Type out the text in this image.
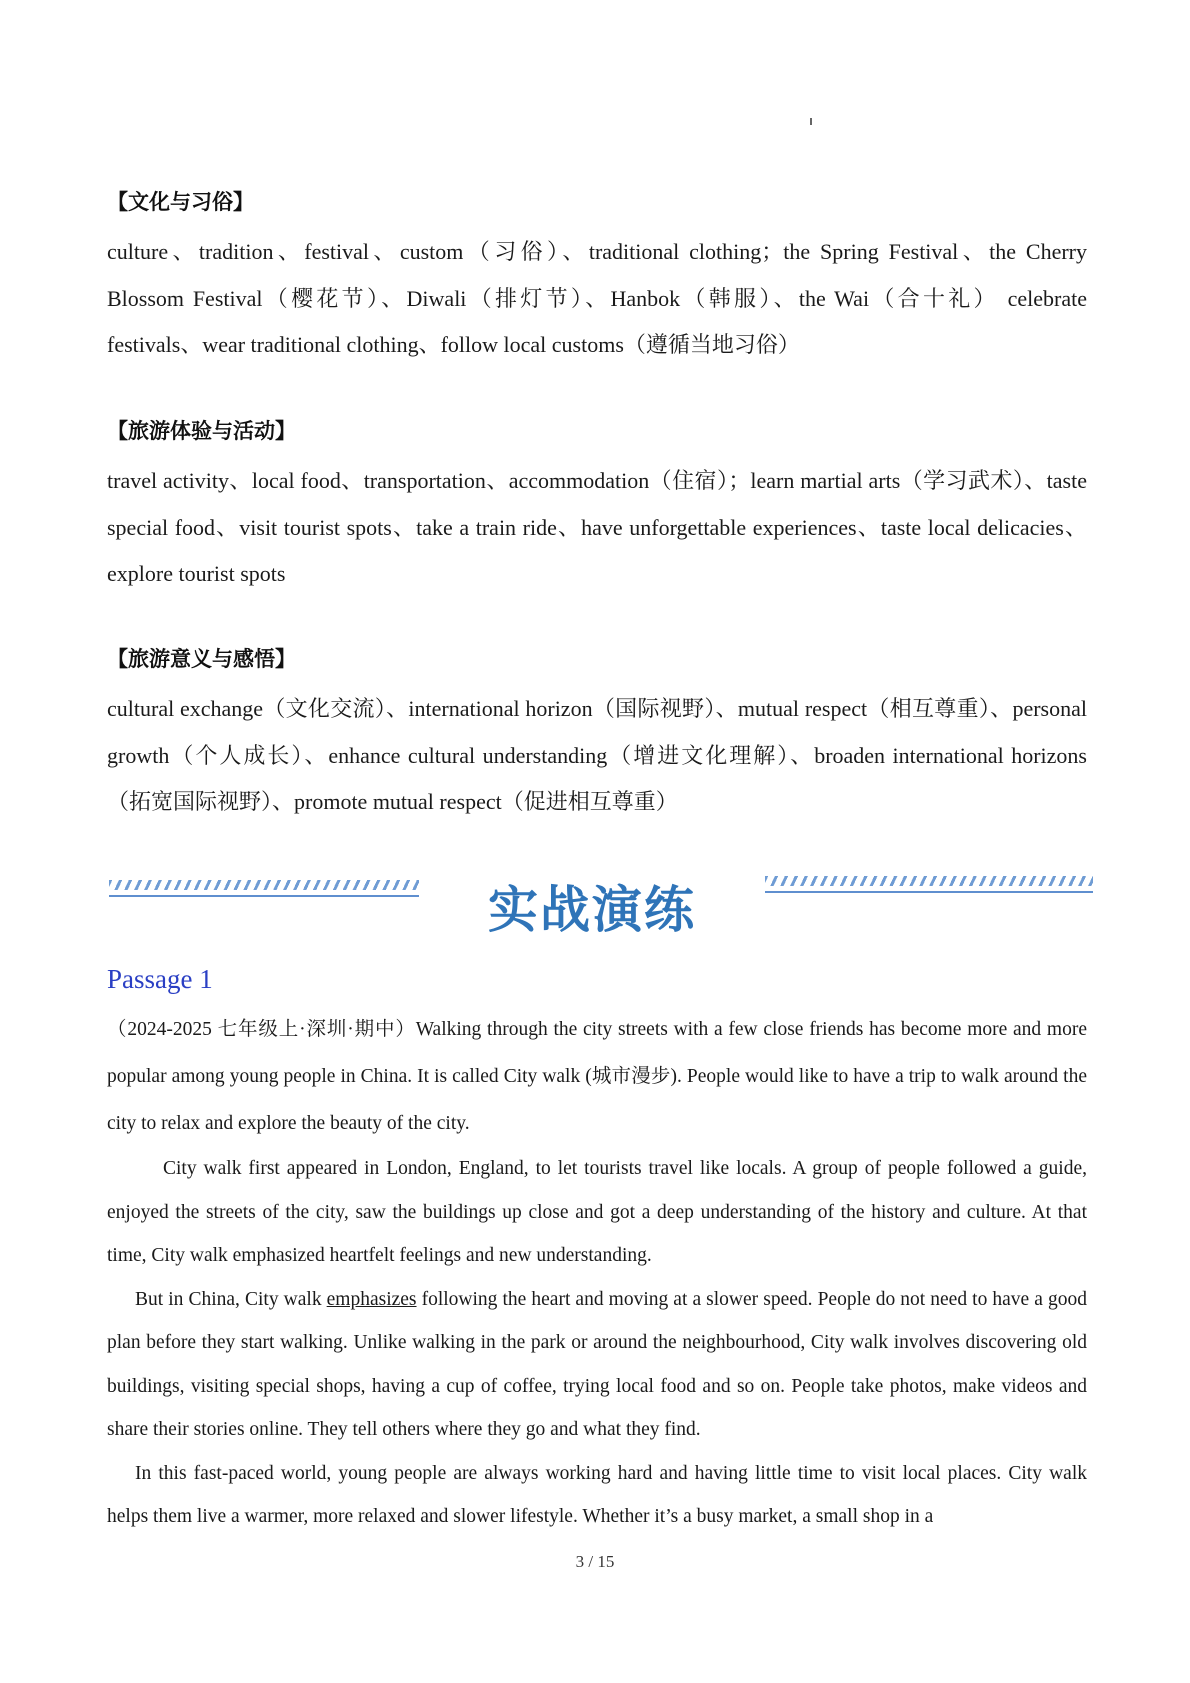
【文化与习俗】

culture、tradition、festival、custom（习俗）、traditional clothing；the Spring Festival、the Cherry Blossom Festival（樱花节）、Diwali（排灯节）、Hanbok（韩服）、the Wai（合十礼） celebrate festivals、wear traditional clothing、follow local customs（遵循当地习俗）

【旅游体验与活动】

travel activity、local food、transportation、accommodation（住宿）；learn martial arts（学习武术）、taste special food、visit tourist spots、take a train ride、have unforgettable experiences、taste local delicacies、explore tourist spots

【旅游意义与感悟】

cultural exchange（文化交流）、international horizon（国际视野）、mutual respect（相互尊重）、personal growth（个人成长）、enhance cultural understanding（增进文化理解）、broaden international horizons（拓宽国际视野）、promote mutual respect（促进相互尊重）

实战演练
Passage 1

（2024-2025 七年级上·深圳·期中）Walking through the city streets with a few close friends has become more and more popular among young people in China. It is called City walk (城市漫步). People would like to have a trip to walk around the city to relax and explore the beauty of the city.

City walk first appeared in London, England, to let tourists travel like locals. A group of people followed a guide, enjoyed the streets of the city, saw the buildings up close and got a deep understanding of the history and culture. At that time, City walk emphasized heartfelt feelings and new understanding.

But in China, City walk emphasizes following the heart and moving at a slower speed. People do not need to have a good plan before they start walking. Unlike walking in the park or around the neighbourhood, City walk involves discovering old buildings, visiting special shops, having a cup of coffee, trying local food and so on. People take photos, make videos and share their stories online. They tell others where they go and what they find.

In this fast-paced world, young people are always working hard and having little time to visit local places. City walk helps them live a warmer, more relaxed and slower lifestyle. Whether it’s a busy market, a small shop in a

3 / 15
